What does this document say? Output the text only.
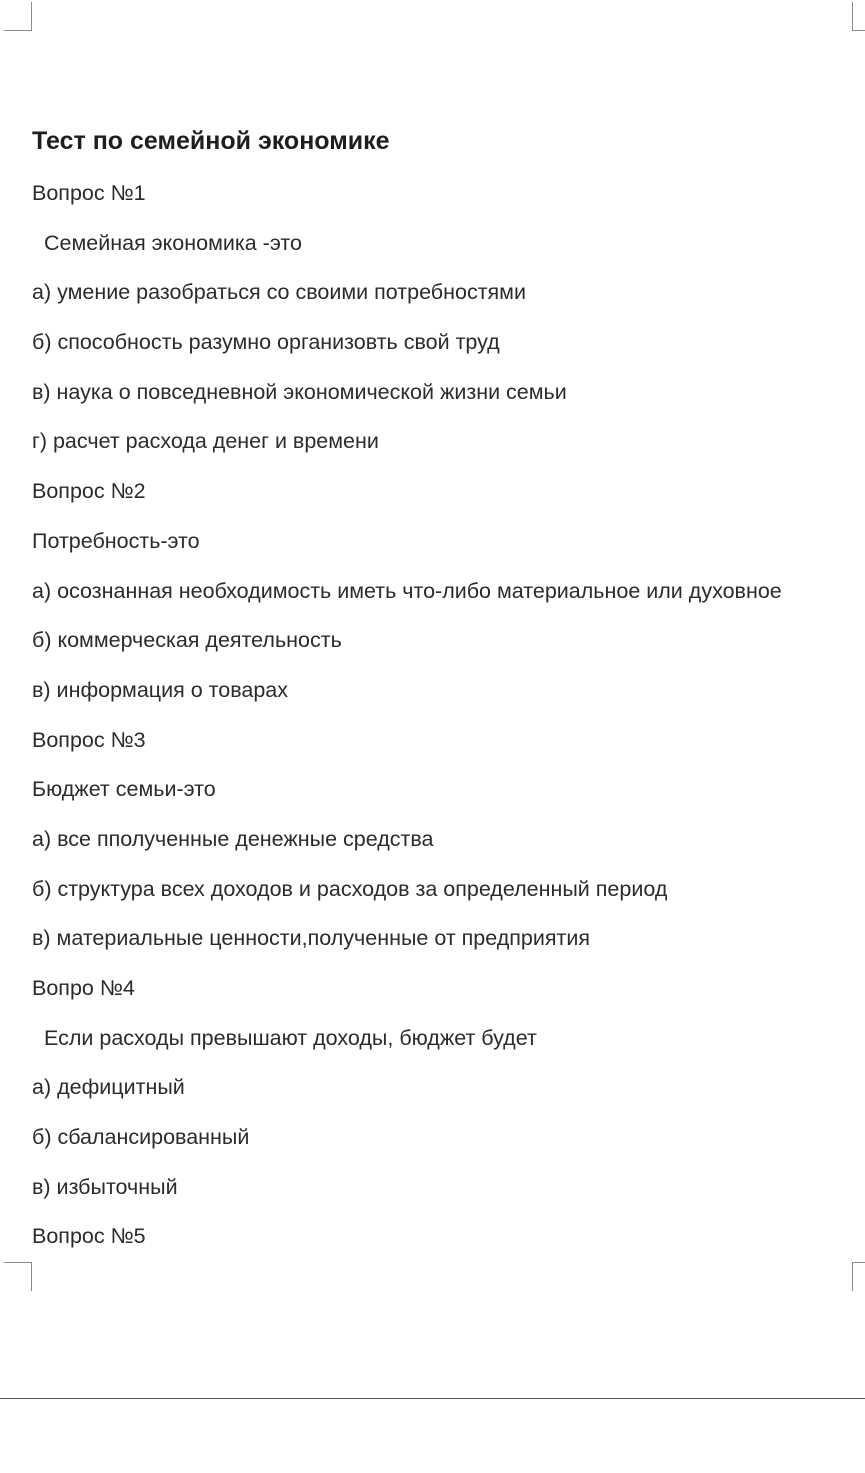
Тест по семейной экономике
Вопрос №1
Семейная экономика -это
а) умение разобраться со своими потребностями
б) способность разумно организовть свой труд
в) наука о повседневной экономической жизни семьи
г) расчет расхода денег и времени
Вопрос №2
Потребность-это
а) осознанная необходимость иметь что-либо материальное или духовное
б) коммерческая деятельность
в) информация о товарах
Вопрос №3
Бюджет семьи-это
а) все пполученные денежные средства
б) структура всех доходов и расходов за определенный период
в) материальные ценности,полученные от предприятия
Вопро №4
Если расходы превышают доходы, бюджет будет
а) дефицитный
б) сбалансированный
в) избыточный
Вопрос №5
